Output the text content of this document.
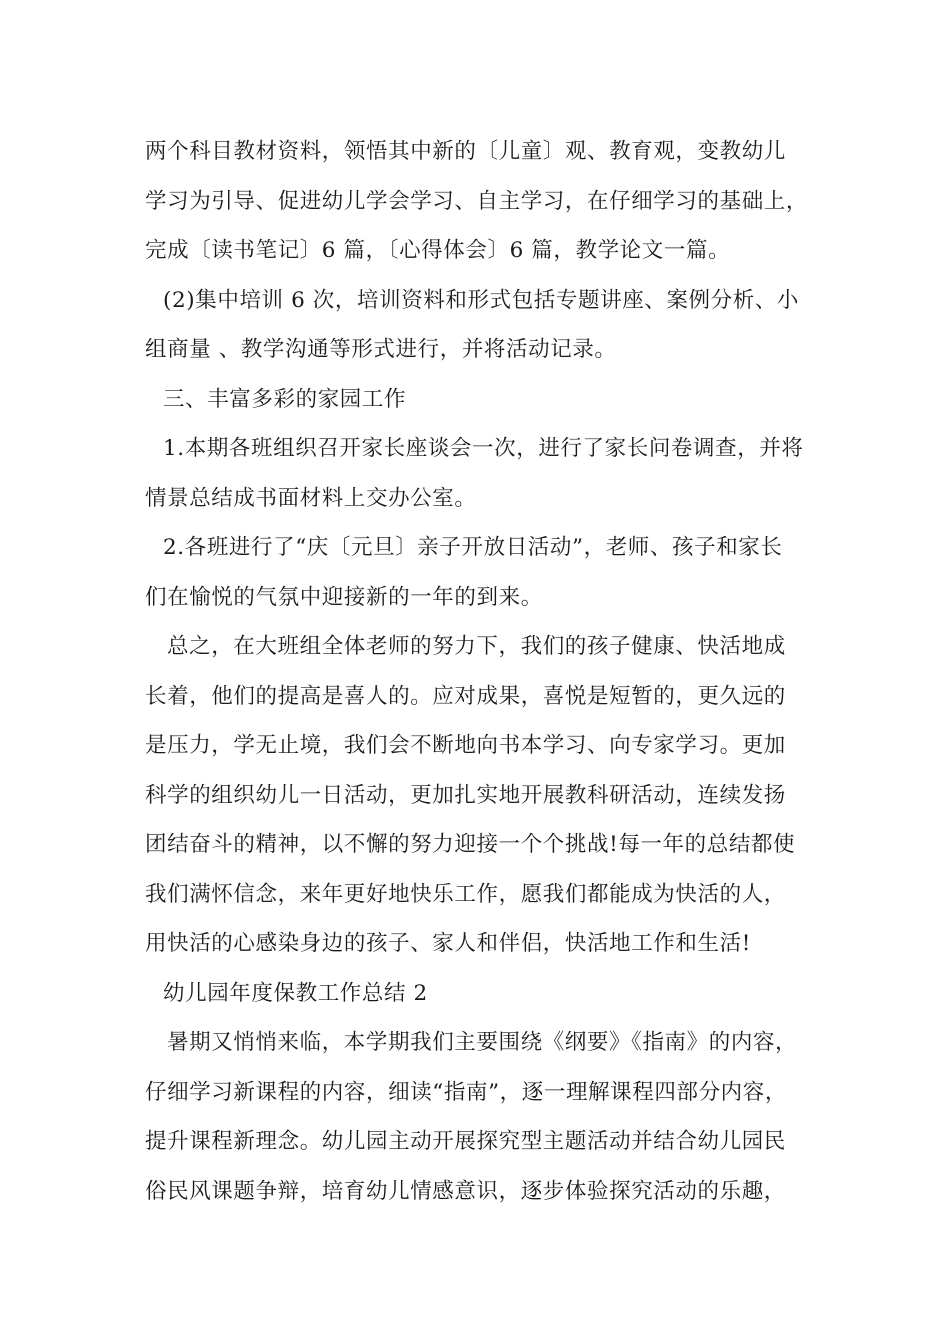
两个科目教材资料，领悟其中新的〔儿童〕观、教育观，变教幼儿
学习为引导、促进幼儿学会学习、自主学习，在仔细学习的基础上，
完成〔读书笔记〕6 篇，〔心得体会〕6 篇，教学论文一篇。
(2)集中培训 6 次，培训资料和形式包括专题讲座、案例分析、小
组商量 、教学沟通等形式进行，并将活动记录。
三、丰富多彩的家园工作
1.本期各班组织召开家长座谈会一次，进行了家长问卷调查，并将
情景总结成书面材料上交办公室。
2.各班进行了“庆〔元旦〕亲子开放日活动”，老师、孩子和家长
们在愉悦的气氛中迎接新的一年的到来。
总之，在大班组全体老师的努力下，我们的孩子健康、快活地成
长着，他们的提高是喜人的。应对成果，喜悦是短暂的，更久远的
是压力，学无止境，我们会不断地向书本学习、向专家学习。更加
科学的组织幼儿一日活动，更加扎实地开展教科研活动，连续发扬
团结奋斗的精神，以不懈的努力迎接一个个挑战!每一年的总结都使
我们满怀信念，来年更好地快乐工作，愿我们都能成为快活的人，
用快活的心感染身边的孩子、家人和伴侣，快活地工作和生活!
幼儿园年度保教工作总结 2
暑期又悄悄来临，本学期我们主要围绕《纲要》《指南》的内容，
仔细学习新课程的内容，细读“指南”，逐一理解课程四部分内容，
提升课程新理念。幼儿园主动开展探究型主题活动并结合幼儿园民
俗民风课题争辩，培育幼儿情感意识，逐步体验探究活动的乐趣，
